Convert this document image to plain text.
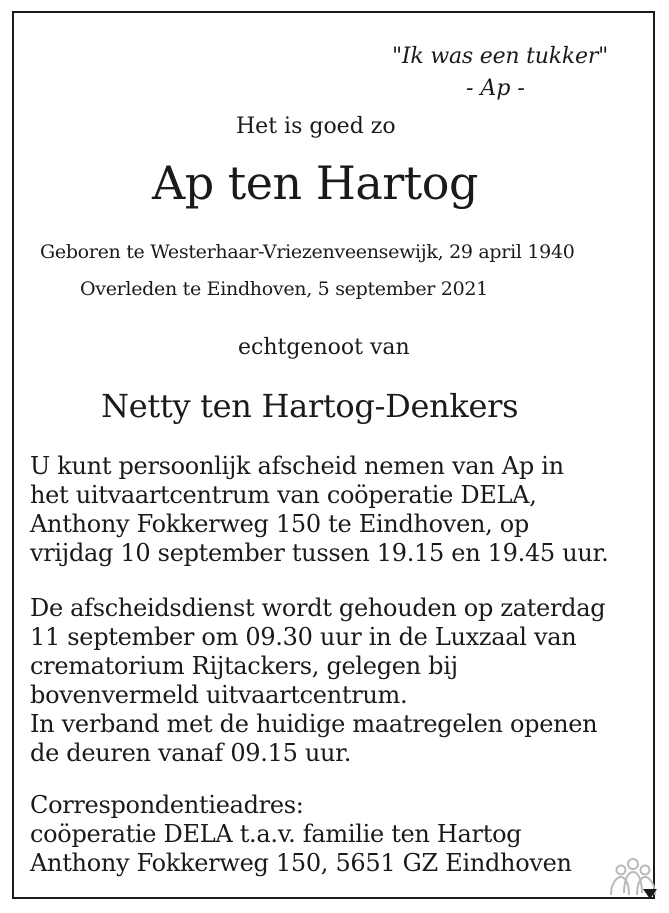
"Ik was een tukker"
- Ap -
Het is goed zo
Ap ten Hartog
Geboren te Westerhaar-Vriezenveensewijk, 29 april 1940
Overleden te Eindhoven, 5 september 2021
echtgenoot van
Netty ten Hartog-Denkers
U kunt persoonlijk afscheid nemen van Ap in
het uitvaartcentrum van coöperatie DELA,
Anthony Fokkerweg 150 te Eindhoven, op
vrijdag 10 september tussen 19.15 en 19.45 uur.
De afscheidsdienst wordt gehouden op zaterdag
11 september om 09.30 uur in de Luxzaal van
crematorium Rijtackers, gelegen bij
bovenvermeld uitvaartcentrum.
In verband met de huidige maatregelen openen
de deuren vanaf 09.15 uur.
Correspondentieadres:
coöperatie DELA t.a.v. familie ten Hartog
Anthony Fokkerweg 150, 5651 GZ Eindhoven
